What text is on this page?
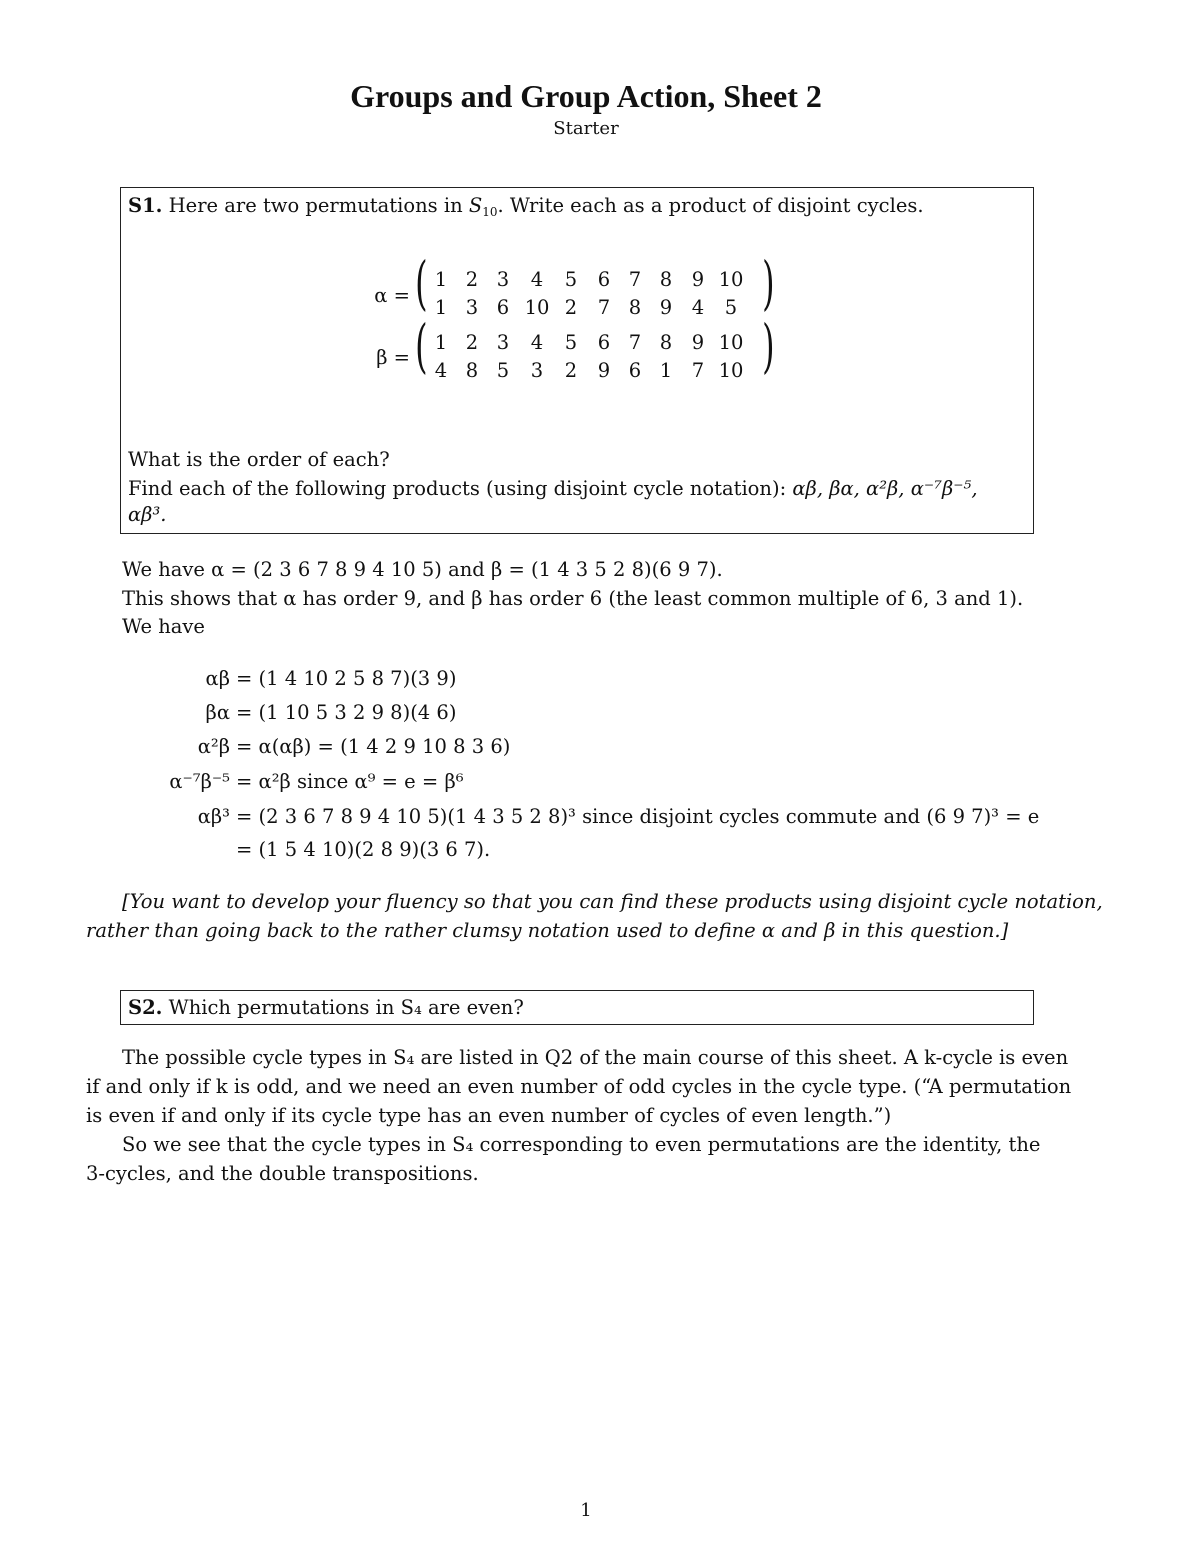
Groups and Group Action, Sheet 2
Starter
S1. Here are two permutations in $S_{10}$. Write each as a product of disjoint cycles.
α = (	)
1 2 3	4	5	6 7 8	9 10
1 3 6 10 2	7 8 9	4	5
β = (	)
1 2 3	4	5	6 7 8	9 10
4 8 5	3	2	9 6 1	7 10
What is the order of each?
Find each of the following products (using disjoint cycle notation): αβ, βα, α²β, α⁻⁷β⁻⁵,
αβ³.
We have α = (2 3 6 7 8 9 4 10 5) and β = (1 4 3 5 2 8)(6 9 7).
This shows that α has order 9, and β has order 6 (the least common multiple of 6, 3 and 1).
We have
αβ = (1 4 10 2 5 8 7)(3 9)
βα = (1 10 5 3 2 9 8)(4 6)
α²β = α(αβ) = (1 4 2 9 10 8 3 6)
α⁻⁷β⁻⁵ = α²β since α⁹ = e = β⁶
αβ³ = (2 3 6 7 8 9 4 10 5)(1 4 3 5 2 8)³ since disjoint cycles commute and (6 9 7)³ = e
= (1 5 4 10)(2 8 9)(3 6 7).
[You want to develop your fluency so that you can find these products using disjoint cycle notation,
rather than going back to the rather clumsy notation used to define α and β in this question.]
S2. Which permutations in S₄ are even?
The possible cycle types in S₄ are listed in Q2 of the main course of this sheet. A k-cycle is even
if and only if k is odd, and we need an even number of odd cycles in the cycle type. (“A permutation
is even if and only if its cycle type has an even number of cycles of even length.”)
So we see that the cycle types in S₄ corresponding to even permutations are the identity, the
3-cycles, and the double transpositions.
1
